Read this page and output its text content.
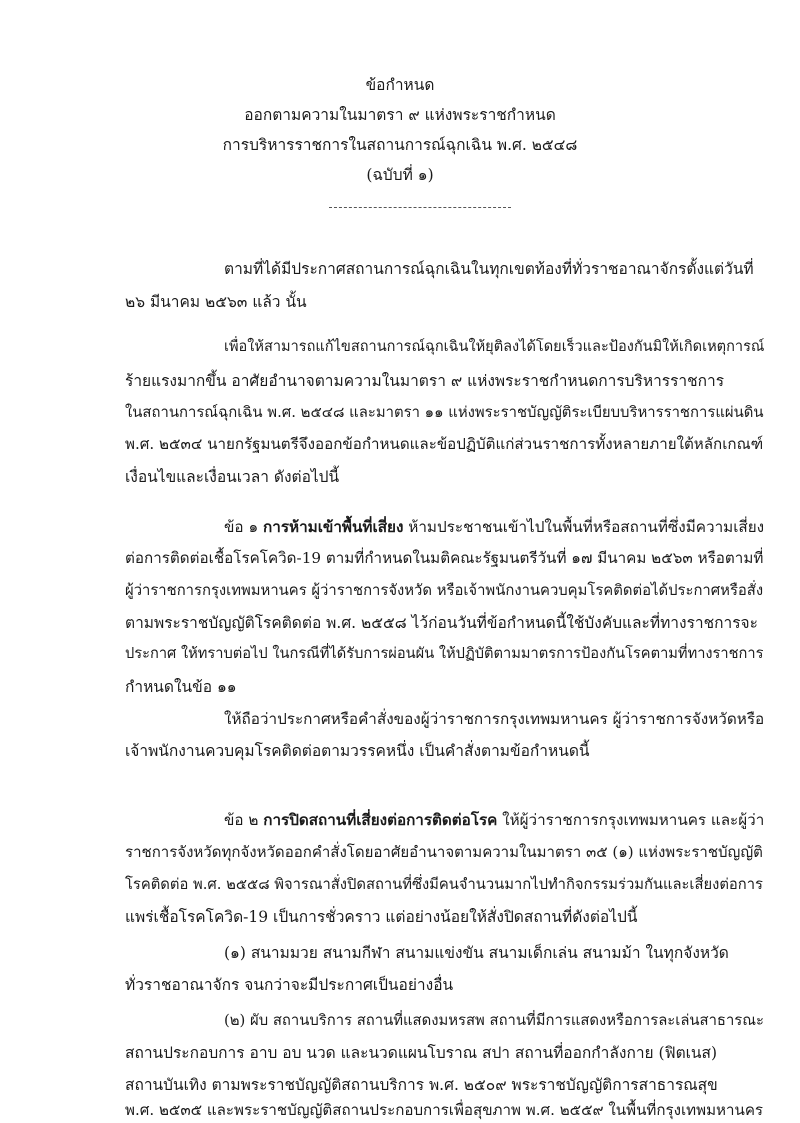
ข้อกำหนด
ออกตามความในมาตรา ๙ แห่งพระราชกำหนด
การบริหารราชการในสถานการณ์ฉุกเฉิน พ.ศ. ๒๕๔๘
(ฉบับที่ ๑)
ตามที่ได้มีประกาศสถานการณ์ฉุกเฉินในทุกเขตท้องที่ทั่วราชอาณาจักรตั้งแต่วันที่
๒๖ มีนาคม ๒๕๖๓ แล้ว นั้น
เพื่อให้สามารถแก้ไขสถานการณ์ฉุกเฉินให้ยุติลงได้โดยเร็วและป้องกันมิให้เกิดเหตุการณ์
ร้ายแรงมากขึ้น อาศัยอำนาจตามความในมาตรา ๙ แห่งพระราชกำหนดการบริหารราชการ
ในสถานการณ์ฉุกเฉิน พ.ศ. ๒๕๔๘ และมาตรา ๑๑ แห่งพระราชบัญญัติระเบียบบริหารราชการแผ่นดิน
พ.ศ. ๒๕๓๔ นายกรัฐมนตรีจึงออกข้อกำหนดและข้อปฏิบัติแก่ส่วนราชการทั้งหลายภายใต้หลักเกณฑ์
เงื่อนไขและเงื่อนเวลา ดังต่อไปนี้
ข้อ ๑ การห้ามเข้าพื้นที่เสี่ยง ห้ามประชาชนเข้าไปในพื้นที่หรือสถานที่ซึ่งมีความเสี่ยง
ต่อการติดต่อเชื้อโรคโควิด-19 ตามที่กำหนดในมติคณะรัฐมนตรีวันที่ ๑๗ มีนาคม ๒๕๖๓ หรือตามที่
ผู้ว่าราชการกรุงเทพมหานคร ผู้ว่าราชการจังหวัด หรือเจ้าพนักงานควบคุมโรคติดต่อได้ประกาศหรือสั่ง
ตามพระราชบัญญัติโรคติดต่อ พ.ศ. ๒๕๕๘ ไว้ก่อนวันที่ข้อกำหนดนี้ใช้บังคับและที่ทางราชการจะ
ประกาศ ให้ทราบต่อไป ในกรณีที่ได้รับการผ่อนผัน ให้ปฏิบัติตามมาตรการป้องกันโรคตามที่ทางราชการ
กำหนดในข้อ ๑๑
ให้ถือว่าประกาศหรือคำสั่งของผู้ว่าราชการกรุงเทพมหานคร ผู้ว่าราชการจังหวัดหรือ
เจ้าพนักงานควบคุมโรคติดต่อตามวรรคหนึ่ง เป็นคำสั่งตามข้อกำหนดนี้
ข้อ ๒ การปิดสถานที่เสี่ยงต่อการติดต่อโรค ให้ผู้ว่าราชการกรุงเทพมหานคร และผู้ว่า
ราชการจังหวัดทุกจังหวัดออกคำสั่งโดยอาศัยอำนาจตามความในมาตรา ๓๕ (๑) แห่งพระราชบัญญัติ
โรคติดต่อ พ.ศ. ๒๕๕๘ พิจารณาสั่งปิดสถานที่ซึ่งมีคนจำนวนมากไปทำกิจกรรมร่วมกันและเสี่ยงต่อการ
แพร่เชื้อโรคโควิด-19 เป็นการชั่วคราว แต่อย่างน้อยให้สั่งปิดสถานที่ดังต่อไปนี้
(๑) สนามมวย สนามกีฬา สนามแข่งขัน สนามเด็กเล่น สนามม้า ในทุกจังหวัด
ทั่วราชอาณาจักร จนกว่าจะมีประกาศเป็นอย่างอื่น
(๒) ผับ สถานบริการ สถานที่แสดงมหรสพ สถานที่มีการแสดงหรือการละเล่นสาธารณะ
สถานประกอบการ อาบ อบ นวด และนวดแผนโบราณ สปา สถานที่ออกกำลังกาย (ฟิตเนส)
สถานบันเทิง ตามพระราชบัญญัติสถานบริการ พ.ศ. ๒๕๐๙ พระราชบัญญัติการสาธารณสุข
พ.ศ. ๒๕๓๕ และพระราชบัญญัติสถานประกอบการเพื่อสุขภาพ พ.ศ. ๒๕๕๙ ในพื้นที่กรุงเทพมหานคร
